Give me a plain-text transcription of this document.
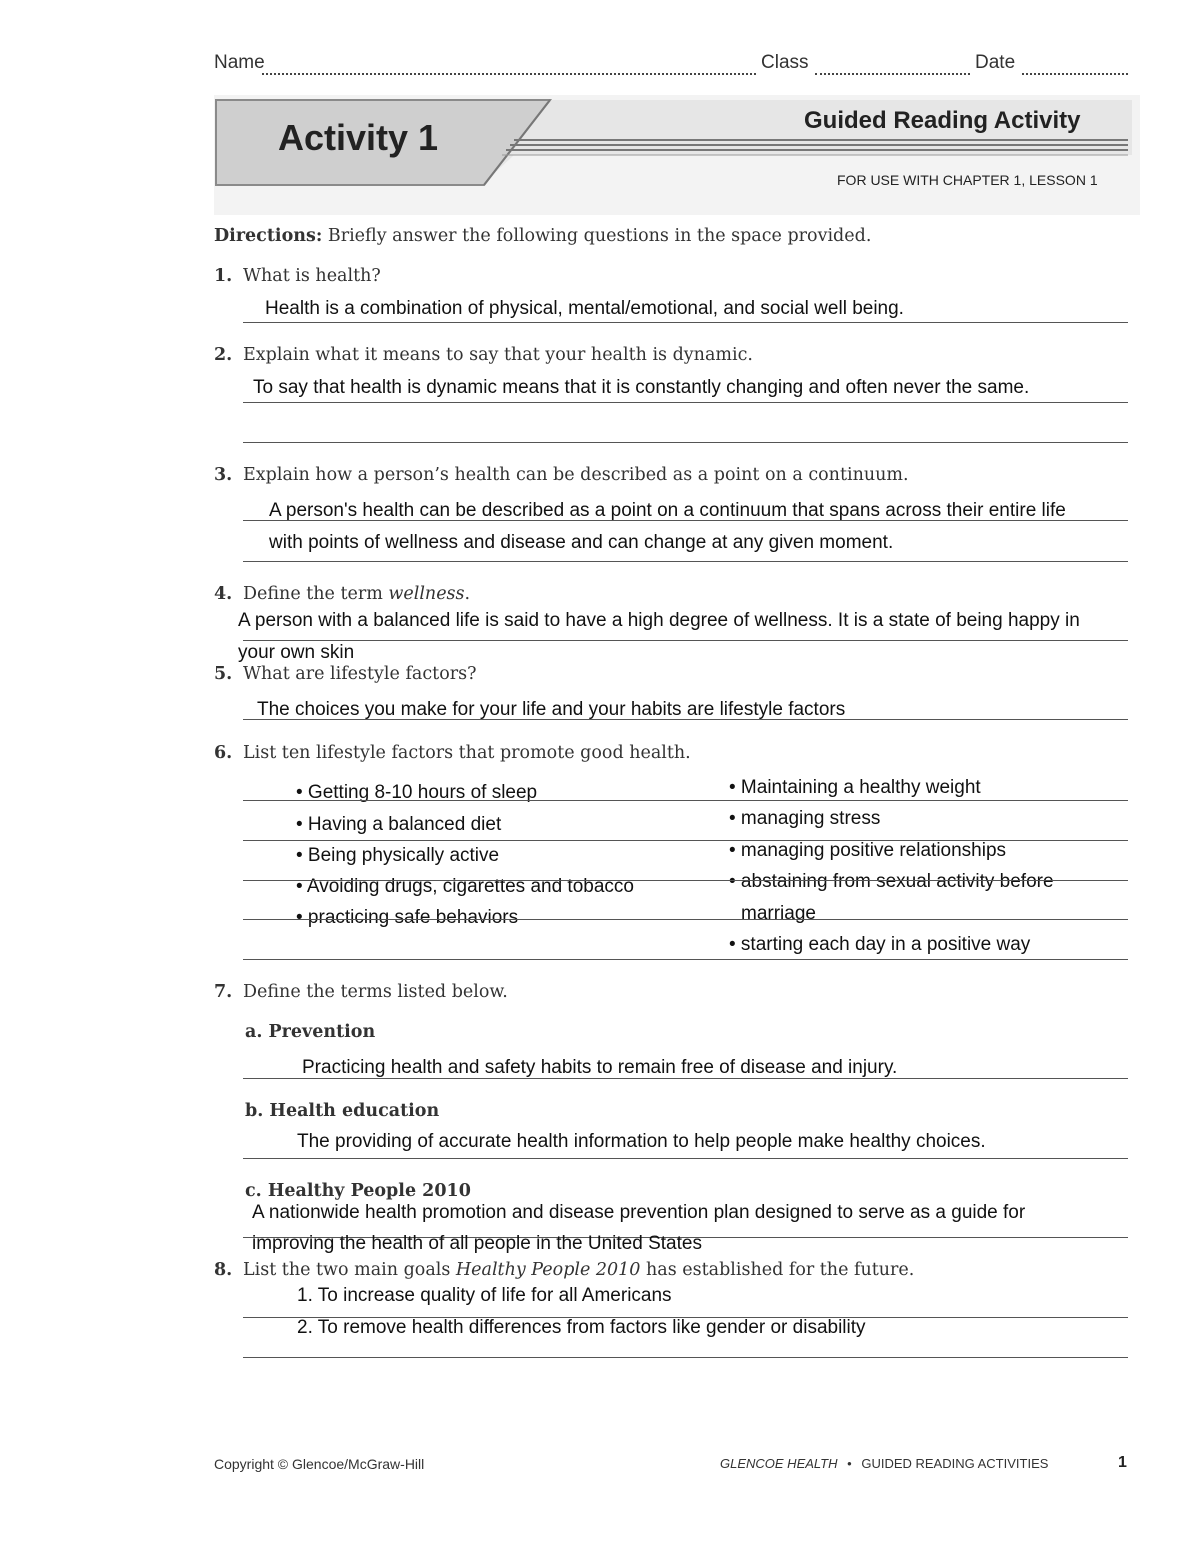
Name	Class	Date
Activity 1	Guided Reading Activity
FOR USE WITH CHAPTER 1, LESSON 1
Directions: Briefly answer the following questions in the space provided.
1. What is health?
Health is a combination of physical, mental/emotional, and social well being.
2. Explain what it means to say that your health is dynamic.
To say that health is dynamic means that it is constantly changing and often never the same.
3. Explain how a person’s health can be described as a point on a continuum.
A person's health can be described as a point on a continuum that spans across their entire life
with points of wellness and disease and can change at any given moment.
4. Define the term wellness.
A person with a balanced life is said to have a high degree of wellness. It is a state of being happy in
your own skin
5. What are lifestyle factors?
The choices you make for your life and your habits are lifestyle factors
6. List ten lifestyle factors that promote good health.
• Getting 8-10 hours of sleep
• Having a balanced diet
• Being physically active
• Avoiding drugs, cigarettes and tobacco
• practicing safe behaviors
• Maintaining a healthy weight
• managing stress
• managing positive relationships
• abstaining from sexual activity before
marriage
• starting each day in a positive way
7. Define the terms listed below.
a. Prevention
Practicing health and safety habits to remain free of disease and injury.
b. Health education
The providing of accurate health information to help people make healthy choices.
c. Healthy People 2010
A nationwide health promotion and disease prevention plan designed to serve as a guide for
improving the health of all people in the United States
8. List the two main goals Healthy People 2010 has established for the future.
1. To increase quality of life for all Americans
2. To remove health differences from factors like gender or disability
Copyright © Glencoe/McGraw-Hill	GLENCOE HEALTH • GUIDED READING ACTIVITIES	1
